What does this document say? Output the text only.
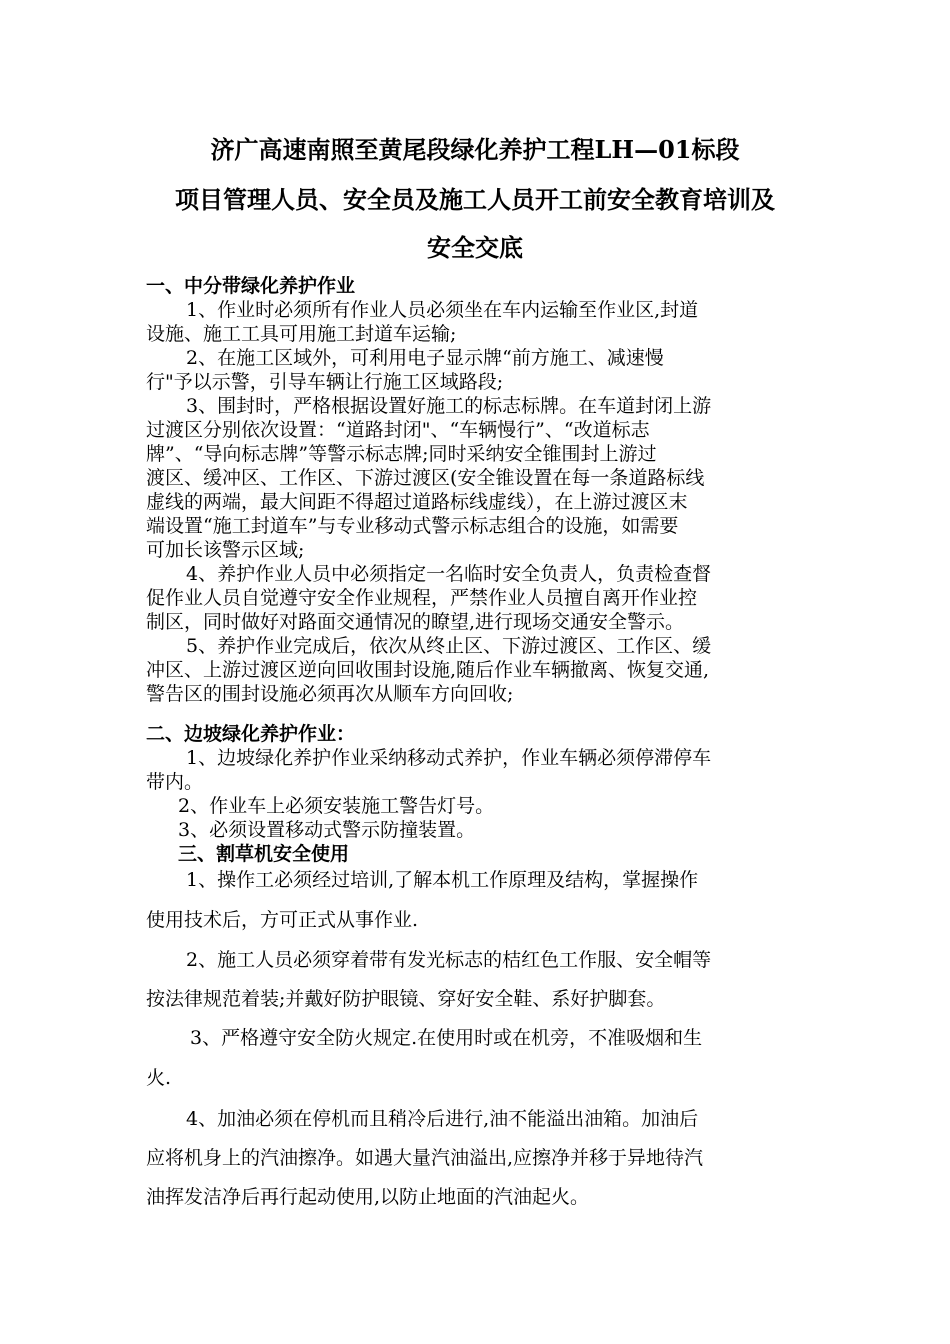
济广高速南照至黄尾段绿化养护工程LH—01标段
项目管理人员、安全员及施工人员开工前安全教育培训及
安全交底
一、中分带绿化养护作业
1、作业时必须所有作业人员必须坐在车内运输至作业区,封道
设施、施工工具可用施工封道车运输;
2、在施工区域外，可利用电子显示牌“前方施工、减速慢
行"予以示警，引导车辆让行施工区域路段;
3、围封时，严格根据设置好施工的标志标牌。在车道封闭上游
过渡区分别依次设置：“道路封闭"、“车辆慢行”、“改道标志
牌”、“导向标志牌”等警示标志牌;同时采纳安全锥围封上游过
渡区、缓冲区、工作区、下游过渡区(安全锥设置在每一条道路标线
虚线的两端，最大间距不得超过道路标线虚线），在上游过渡区末
端设置“施工封道车”与专业移动式警示标志组合的设施，如需要
可加长该警示区域;
4、养护作业人员中必须指定一名临时安全负责人，负责检查督
促作业人员自觉遵守安全作业规程，严禁作业人员擅自离开作业控
制区，同时做好对路面交通情况的瞭望,进行现场交通安全警示。
5、养护作业完成后，依次从终止区、下游过渡区、工作区、缓
冲区、上游过渡区逆向回收围封设施,随后作业车辆撤离、恢复交通,
警告区的围封设施必须再次从顺车方向回收;
二、边坡绿化养护作业：
1、边坡绿化养护作业采纳移动式养护，作业车辆必须停滞停车
带内。
2、作业车上必须安装施工警告灯号。
3、必须设置移动式警示防撞装置。
三、割草机安全使用
1、操作工必须经过培训,了解本机工作原理及结构，掌握操作
使用技术后，方可正式从事作业.
2、施工人员必须穿着带有发光标志的桔红色工作服、安全帽等
按法律规范着装;并戴好防护眼镜、穿好安全鞋、系好护脚套。
3、严格遵守安全防火规定.在使用时或在机旁，不准吸烟和生
火.
4、加油必须在停机而且稍冷后进行,油不能溢出油箱。加油后
应将机身上的汽油擦净。如遇大量汽油溢出,应擦净并移于异地待汽
油挥发洁净后再行起动使用,以防止地面的汽油起火。
